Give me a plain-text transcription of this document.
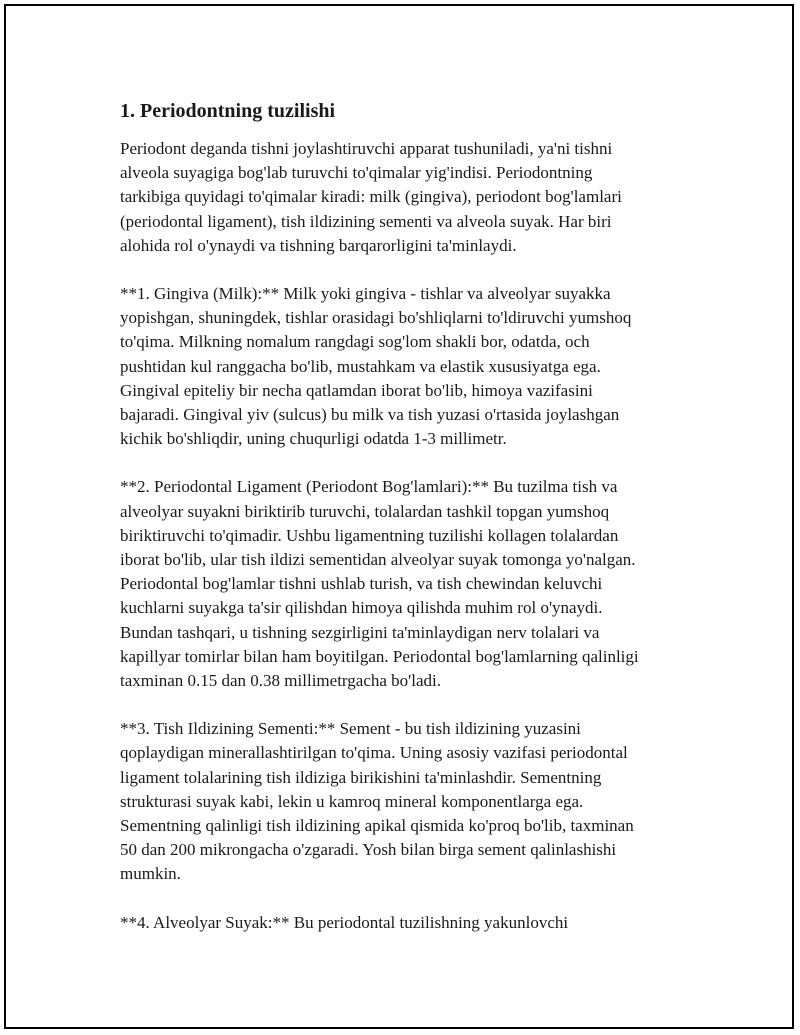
1. Periodontning tuzilishi

Periodont deganda tishni joylashtiruvchi apparat tushuniladi, ya'ni tishni
alveola suyagiga bog'lab turuvchi to'qimalar yig'indisi. Periodontning
tarkibiga quyidagi to'qimalar kiradi: milk (gingiva), periodont bog'lamlari
(periodontal ligament), tish ildizining sementi va alveola suyak. Har biri
alohida rol o'ynaydi va tishning barqarorligini ta'minlaydi.

**1. Gingiva (Milk):** Milk yoki gingiva - tishlar va alveolyar suyakka
yopishgan, shuningdek, tishlar orasidagi bo'shliqlarni to'ldiruvchi yumshoq
to'qima. Milkning nomalum rangdagi sog'lom shakli bor, odatda, och
pushtidan kul ranggacha bo'lib, mustahkam va elastik xususiyatga ega.
Gingival epiteliy bir necha qatlamdan iborat bo'lib, himoya vazifasini
bajaradi. Gingival yiv (sulcus) bu milk va tish yuzasi o'rtasida joylashgan
kichik bo'shliqdir, uning chuqurligi odatda 1-3 millimetr.

**2. Periodontal Ligament (Periodont Bog'lamlari):** Bu tuzilma tish va
alveolyar suyakni biriktirib turuvchi, tolalardan tashkil topgan yumshoq
biriktiruvchi to'qimadir. Ushbu ligamentning tuzilishi kollagen tolalardan
iborat bo'lib, ular tish ildizi sementidan alveolyar suyak tomonga yo'nalgan.
Periodontal bog'lamlar tishni ushlab turish, va tish chewindan keluvchi
kuchlarni suyakga ta'sir qilishdan himoya qilishda muhim rol o'ynaydi.
Bundan tashqari, u tishning sezgirligini ta'minlaydigan nerv tolalari va
kapillyar tomirlar bilan ham boyitilgan. Periodontal bog'lamlarning qalinligi
taxminan 0.15 dan 0.38 millimetrgacha bo'ladi.

**3. Tish Ildizining Sementi:** Sement - bu tish ildizining yuzasini
qoplaydigan minerallashtirilgan to'qima. Uning asosiy vazifasi periodontal
ligament tolalarining tish ildiziga birikishini ta'minlashdir. Sementning
strukturasi suyak kabi, lekin u kamroq mineral komponentlarga ega.
Sementning qalinligi tish ildizining apikal qismida ko'proq bo'lib, taxminan
50 dan 200 mikrongacha o'zgaradi. Yosh bilan birga sement qalinlashishi
mumkin.

**4. Alveolyar Suyak:** Bu periodontal tuzilishning yakunlovchi
